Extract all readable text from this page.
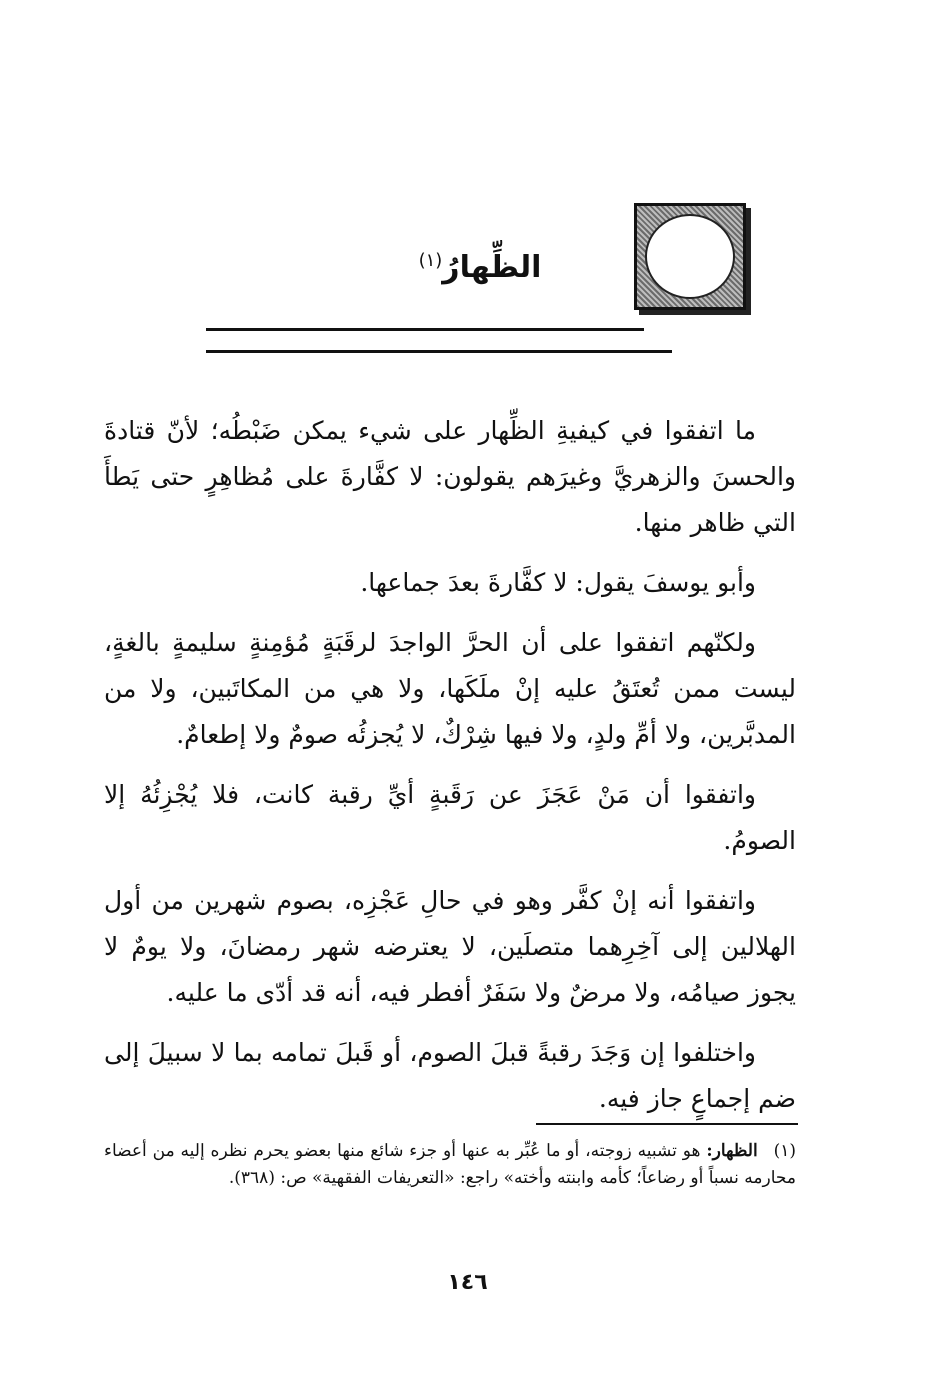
الظِّهارُ$^{(١)}$

ما اتفقوا في كيفيةِ الظِّهار على شيء يمكن ضَبْطُه؛ لأنّ قتادةَ والحسنَ والزهريَّ وغيرَهم يقولون: لا كفَّارةَ على مُظاهِرٍ حتى يَطأَ التي ظاهر منها.

وأبو يوسفَ يقول: لا كفَّارةَ بعدَ جماعها.

ولكنّهم اتفقوا على أن الحرَّ الواجدَ لرقَبَةٍ مُؤمِنةٍ سليمةٍ بالغةٍ، ليست ممن تُعتَقُ عليه إنْ ملَكَها، ولا هي من المكاتَبين، ولا من المدبَّرين، ولا أمِّ ولدٍ، ولا فيها شِرْكٌ، لا يُجزئُه صومٌ ولا إطعامٌ.

واتفقوا أن مَنْ عَجَزَ عن رَقَبةٍ أيِّ رقبة كانت، فلا يُجْزِئُهُ إلا الصومُ.

واتفقوا أنه إنْ كفَّر وهو في حالِ عَجْزِه، بصوم شهرين من أول الهلالين إلى آخِرِهما متصلَين، لا يعترضه شهر رمضانَ، ولا يومٌ لا يجوز صيامُه، ولا مرضٌ ولا سَفَرٌ أفطر فيه، أنه قد أدّى ما عليه.

واختلفوا إن وَجَدَ رقبةً قبلَ الصوم، أو قَبلَ تمامه بما لا سبيلَ إلى ضم إجماعٍ جاز فيه.

(١) الظهار: هو تشبيه زوجته، أو ما عُبِّر به عنها أو جزء شائع منها بعضو يحرم نظره إليه من أعضاء محارمه نسباً أو رضاعاً؛ كأمه وابنته وأخته» راجع: «التعريفات الفقهية» ص: (٣٦٨).

١٤٦
